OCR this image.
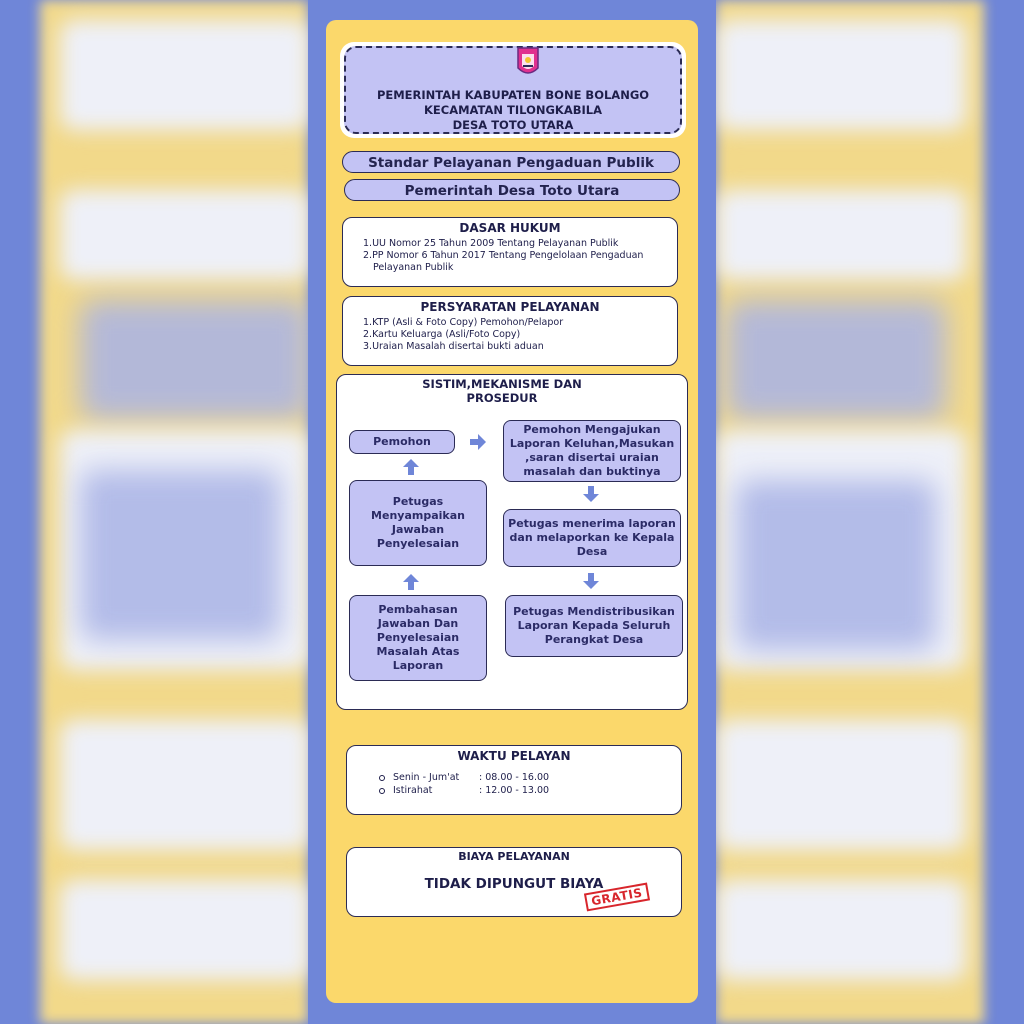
PEMERINTAH KABUPATEN BONE BOLANGO
KECAMATAN TILONGKABILA
DESA TOTO UTARA
Standar Pelayanan Pengaduan Publik
Pemerintah Desa Toto Utara
DASAR HUKUM
1.UU Nomor 25 Tahun 2009 Tentang Pelayanan Publik
2.PP Nomor 6 Tahun 2017 Tentang Pengelolaan Pengaduan Pelayanan Publik
PERSYARATAN PELAYANAN
1.KTP (Asli & Foto Copy) Pemohon/Pelapor
2.Kartu Keluarga (Asli/Foto Copy)
3.Uraian Masalah disertai bukti aduan
SISTIM,MEKANISME DAN
PROSEDUR
Pemohon
Pemohon Mengajukan Laporan Keluhan,Masukan ,saran disertai uraian masalah dan buktinya
Petugas menerima laporan dan melaporkan ke Kepala Desa
Petugas Mendistribusikan Laporan Kepada Seluruh Perangkat Desa
Petugas Menyampaikan Jawaban Penyelesaian
Pembahasan Jawaban Dan Penyelesaian Masalah Atas Laporan
WAKTU PELAYAN
Senin - Jum'at : 08.00 - 16.00
Istirahat	: 12.00 - 13.00
BIAYA PELAYANAN
TIDAK DIPUNGUT BIAYA
GRATIS
